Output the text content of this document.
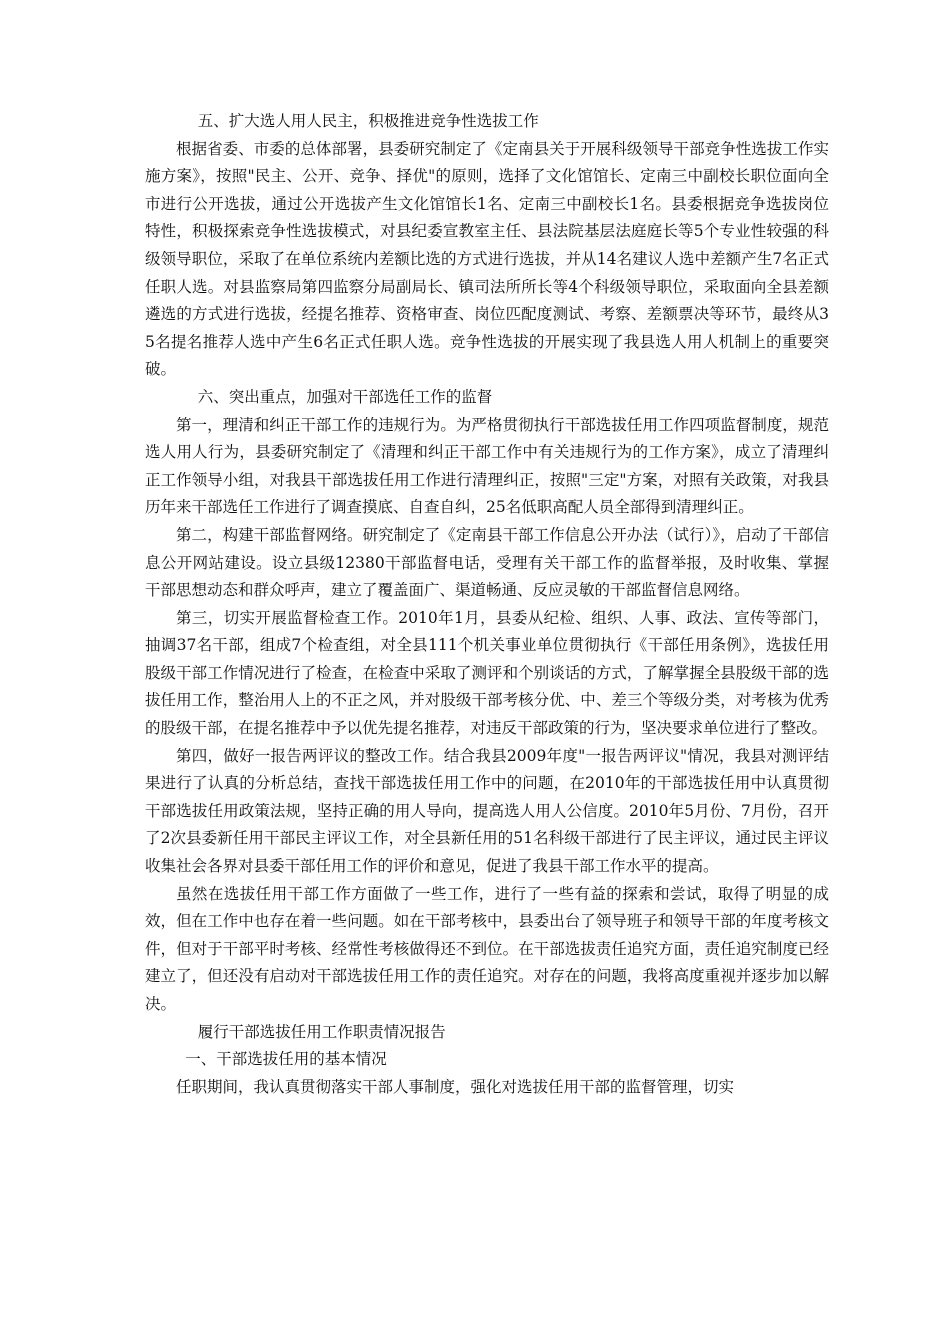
五、扩大选人用人民主，积极推进竞争性选拔工作

根据省委、市委的总体部署，县委研究制定了《定南县关于开展科级领导干部竞争性选拔工作实施方案》，按照"民主、公开、竞争、择优"的原则，选择了文化馆馆长、定南三中副校长职位面向全市进行公开选拔，通过公开选拔产生文化馆馆长1名、定南三中副校长1名。县委根据竞争选拔岗位特性，积极探索竞争性选拔模式，对县纪委宣教室主任、县法院基层法庭庭长等5个专业性较强的科级领导职位，采取了在单位系统内差额比选的方式进行选拔，并从14名建议人选中差额产生7名正式任职人选。对县监察局第四监察分局副局长、镇司法所所长等4个科级领导职位，采取面向全县差额遴选的方式进行选拔，经提名推荐、资格审查、岗位匹配度测试、考察、差额票决等环节，最终从35名提名推荐人选中产生6名正式任职人选。竞争性选拔的开展实现了我县选人用人机制上的重要突破。

六、突出重点，加强对干部选任工作的监督

第一，理清和纠正干部工作的违规行为。为严格贯彻执行干部选拔任用工作四项监督制度，规范选人用人行为，县委研究制定了《清理和纠正干部工作中有关违规行为的工作方案》，成立了清理纠正工作领导小组，对我县干部选拔任用工作进行清理纠正，按照"三定"方案，对照有关政策，对我县历年来干部选任工作进行了调查摸底、自查自纠，25名低职高配人员全部得到清理纠正。

第二，构建干部监督网络。研究制定了《定南县干部工作信息公开办法（试行）》，启动了干部信息公开网站建设。设立县级12380干部监督电话，受理有关干部工作的监督举报，及时收集、掌握干部思想动态和群众呼声，建立了覆盖面广、渠道畅通、反应灵敏的干部监督信息网络。

第三，切实开展监督检查工作。2010年1月，县委从纪检、组织、人事、政法、宣传等部门，抽调37名干部，组成7个检查组，对全县111个机关事业单位贯彻执行《干部任用条例》，选拔任用股级干部工作情况进行了检查，在检查中采取了测评和个别谈话的方式，了解掌握全县股级干部的选拔任用工作，整治用人上的不正之风，并对股级干部考核分优、中、差三个等级分类，对考核为优秀的股级干部，在提名推荐中予以优先提名推荐，对违反干部政策的行为，坚决要求单位进行了整改。

第四，做好一报告两评议的整改工作。结合我县2009年度"一报告两评议"情况，我县对测评结果进行了认真的分析总结，查找干部选拔任用工作中的问题，在2010年的干部选拔任用中认真贯彻干部选拔任用政策法规，坚持正确的用人导向，提高选人用人公信度。2010年5月份、7月份，召开了2次县委新任用干部民主评议工作，对全县新任用的51名科级干部进行了民主评议，通过民主评议收集社会各界对县委干部任用工作的评价和意见，促进了我县干部工作水平的提高。

虽然在选拔任用干部工作方面做了一些工作，进行了一些有益的探索和尝试，取得了明显的成效，但在工作中也存在着一些问题。如在干部考核中，县委出台了领导班子和领导干部的年度考核文件，但对于干部平时考核、经常性考核做得还不到位。在干部选拔责任追究方面，责任追究制度已经建立了，但还没有启动对干部选拔任用工作的责任追究。对存在的问题，我将高度重视并逐步加以解决。

履行干部选拔任用工作职责情况报告

一、干部选拔任用的基本情况

任职期间，我认真贯彻落实干部人事制度，强化对选拔任用干部的监督管理，切实
